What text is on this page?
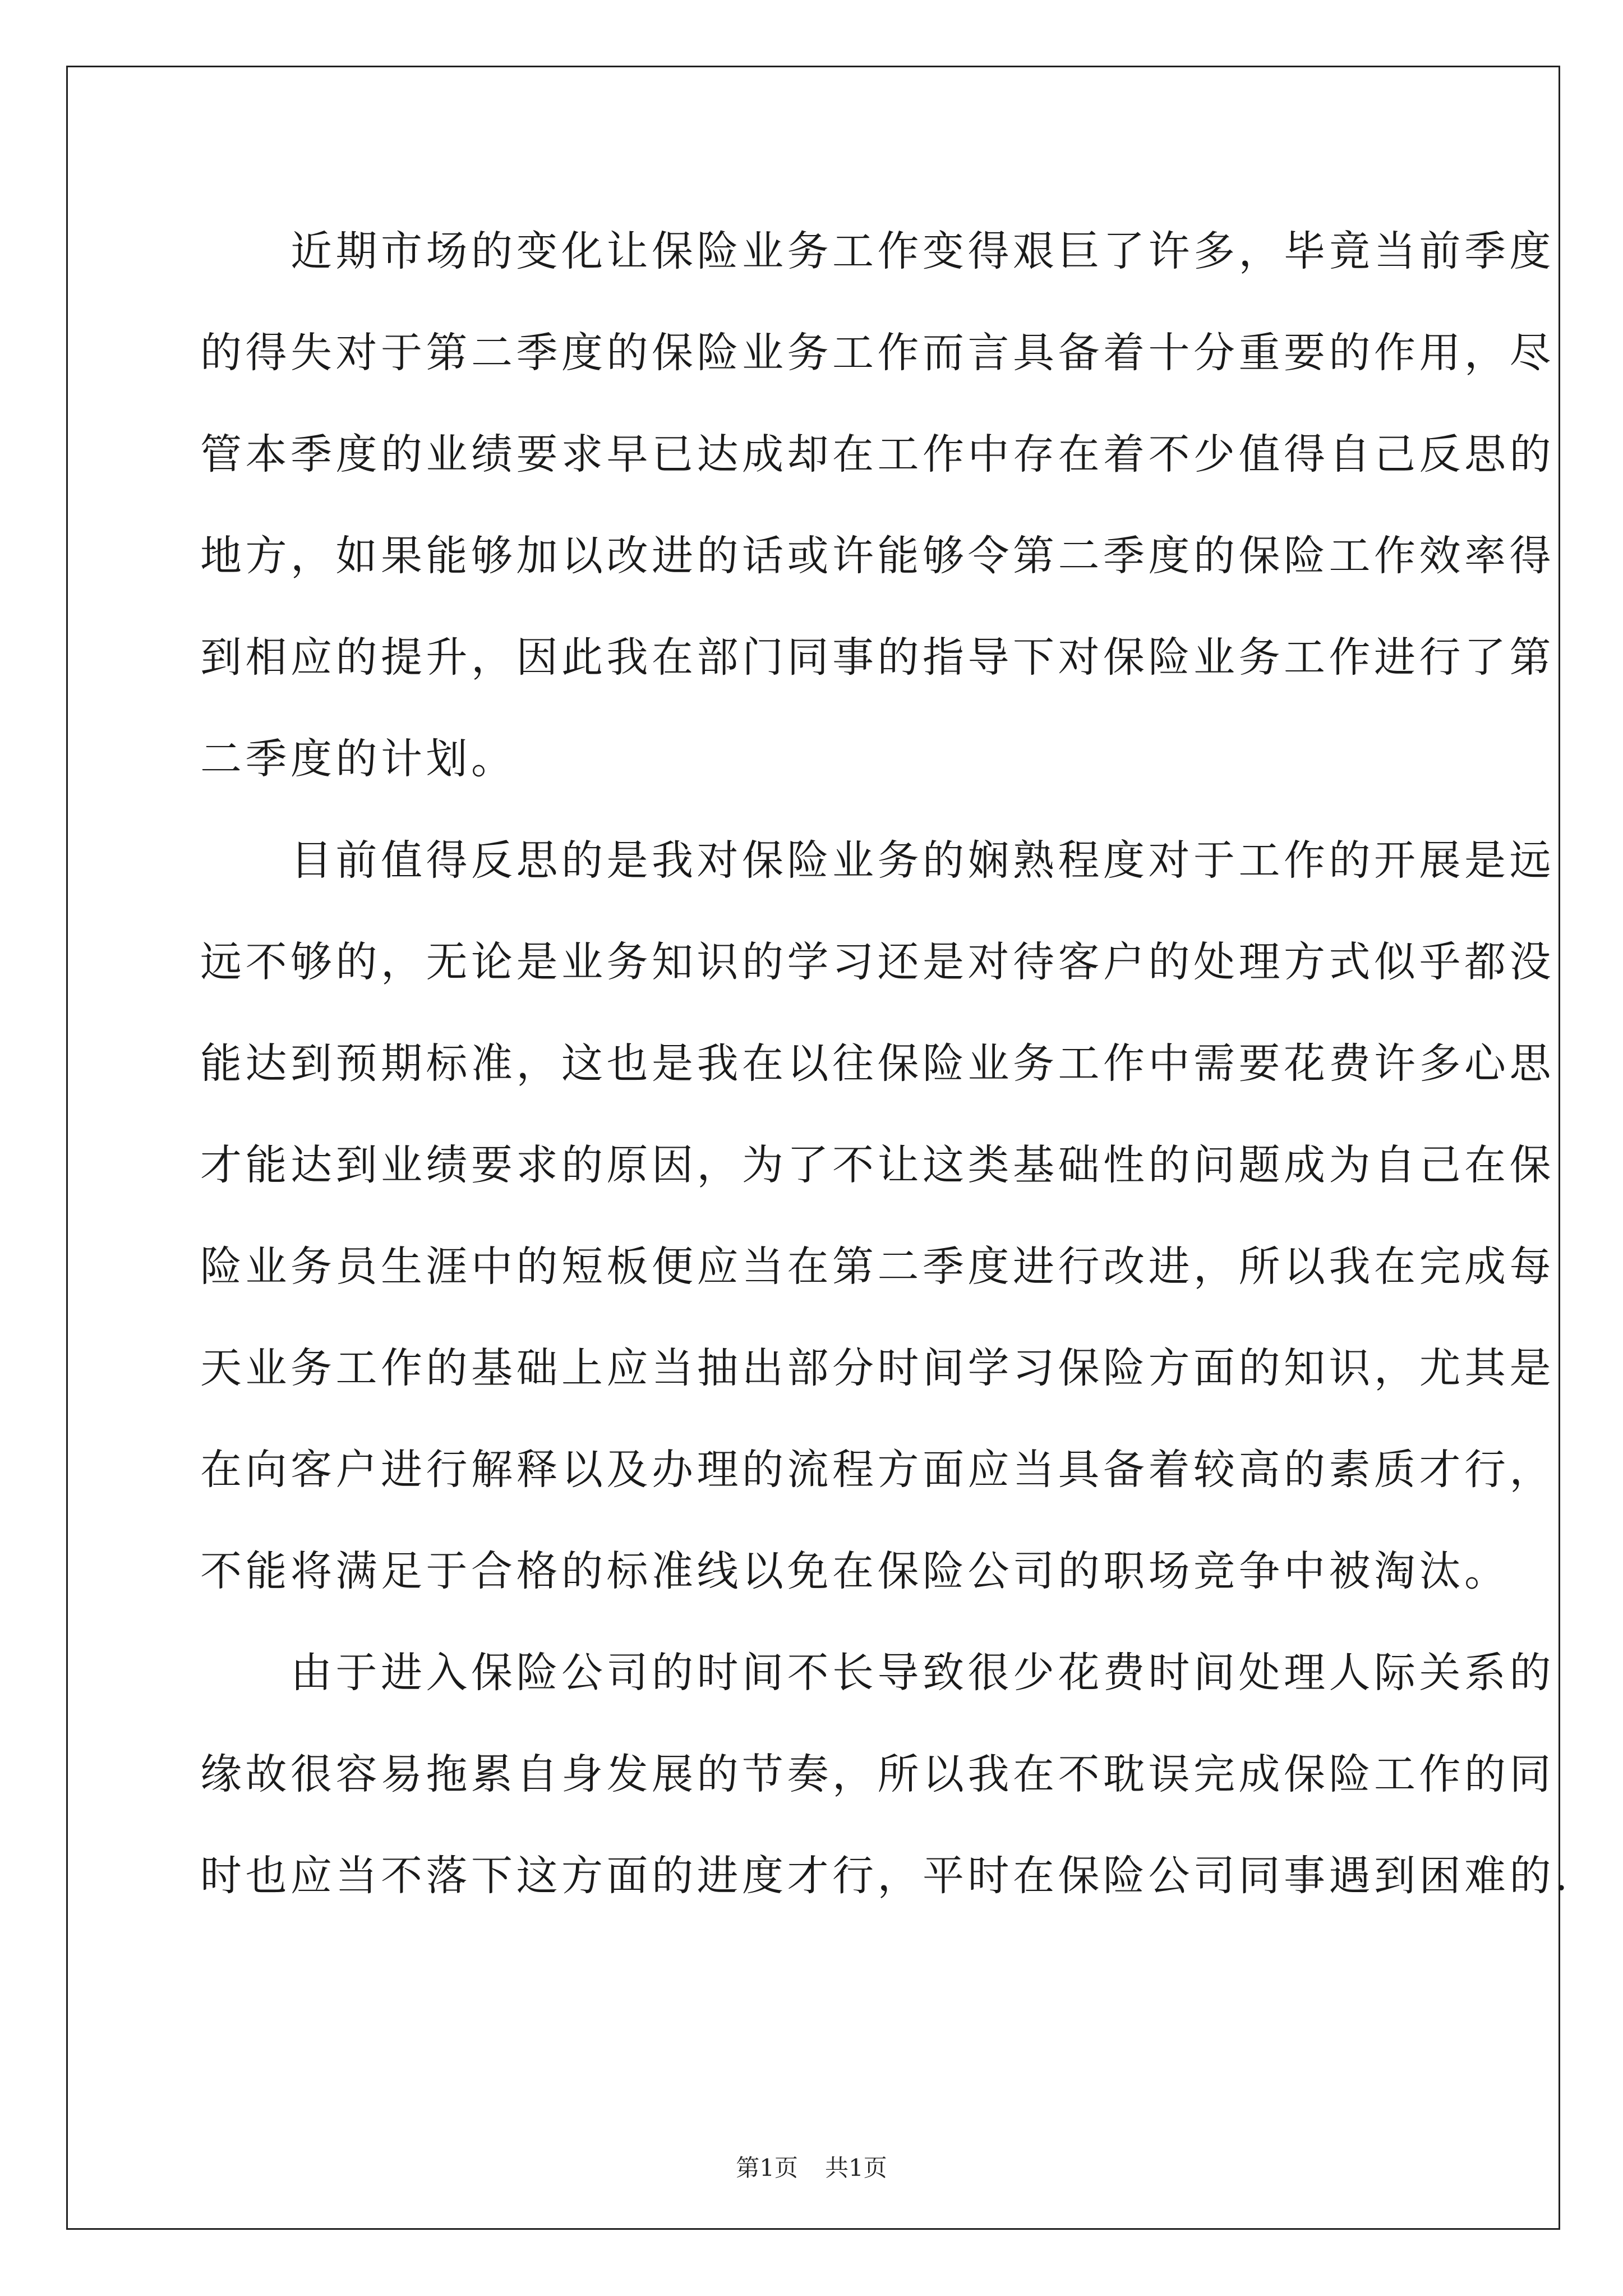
　　近期市场的变化让保险业务工作变得艰巨了许多，毕竟当前季度
的得失对于第二季度的保险业务工作而言具备着十分重要的作用，尽
管本季度的业绩要求早已达成却在工作中存在着不少值得自己反思的
地方，如果能够加以改进的话或许能够令第二季度的保险工作效率得
到相应的提升，因此我在部门同事的指导下对保险业务工作进行了第
二季度的计划。
　　目前值得反思的是我对保险业务的娴熟程度对于工作的开展是远
远不够的，无论是业务知识的学习还是对待客户的处理方式似乎都没
能达到预期标准，这也是我在以往保险业务工作中需要花费许多心思
才能达到业绩要求的原因，为了不让这类基础性的问题成为自己在保
险业务员生涯中的短板便应当在第二季度进行改进，所以我在完成每
天业务工作的基础上应当抽出部分时间学习保险方面的知识，尤其是
在向客户进行解释以及办理的流程方面应当具备着较高的素质才行，
不能将满足于合格的标准线以免在保险公司的职场竞争中被淘汰。
　　由于进入保险公司的时间不长导致很少花费时间处理人际关系的
缘故很容易拖累自身发展的节奏，所以我在不耽误完成保险工作的同
时也应当不落下这方面的进度才行，平时在保险公司同事遇到困难的.
第1页 共1页
